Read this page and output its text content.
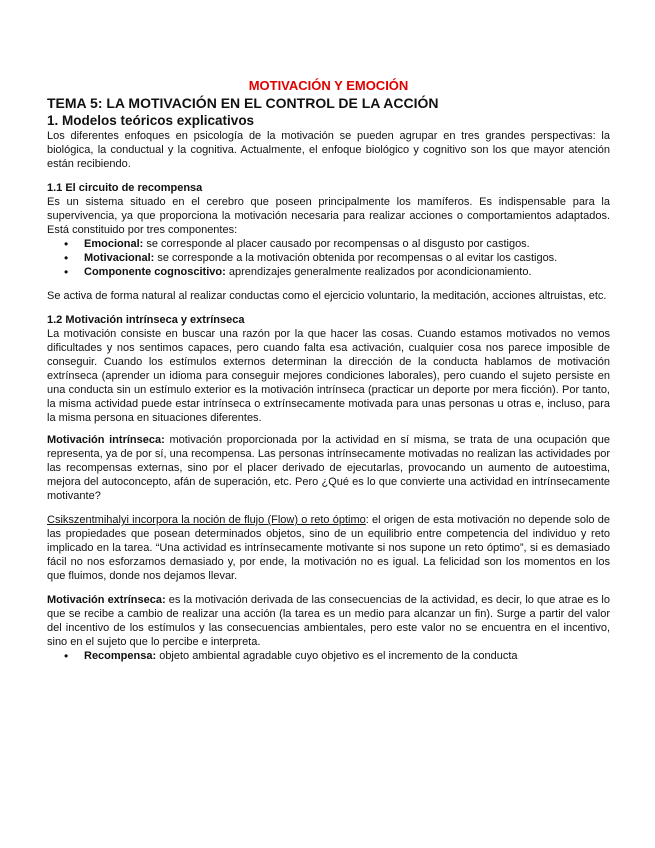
MOTIVACIÓN Y EMOCIÓN
TEMA 5: LA MOTIVACIÓN EN EL CONTROL DE LA ACCIÓN
1. Modelos teóricos explicativos

Los diferentes enfoques en psicología de la motivación se pueden agrupar en tres grandes perspectivas: la biológica, la conductual y la cognitiva. Actualmente, el enfoque biológico y cognitivo son los que mayor atención están recibiendo.

1.1 El circuito de recompensa

Es un sistema situado en el cerebro que poseen principalmente los mamíferos. Es indispensable para la supervivencia, ya que proporciona la motivación necesaria para realizar acciones o comportamientos adaptados. Está constituido por tres componentes:

• Emocional: se corresponde al placer causado por recompensas o al disgusto por castigos.
• Motivacional: se corresponde a la motivación obtenida por recompensas o al evitar los castigos.
• Componente cognoscitivo: aprendizajes generalmente realizados por acondicionamiento.

Se activa de forma natural al realizar conductas como el ejercicio voluntario, la meditación, acciones altruistas, etc.

1.2 Motivación intrínseca y extrínseca

La motivación consiste en buscar una razón por la que hacer las cosas. Cuando estamos motivados no vemos dificultades y nos sentimos capaces, pero cuando falta esa activación, cualquier cosa nos parece imposible de conseguir. Cuando los estímulos externos determinan la dirección de la conducta hablamos de motivación extrínseca (aprender un idioma para conseguir mejores condiciones laborales), pero cuando el sujeto persiste en una conducta sin un estímulo exterior es la motivación intrínseca (practicar un deporte por mera ficción). Por tanto, la misma actividad puede estar intrínseca o extrínsecamente motivada para unas personas u otras e, incluso, para la misma persona en situaciones diferentes.

Motivación intrínseca: motivación proporcionada por la actividad en sí misma, se trata de una ocupación que representa, ya de por sí, una recompensa. Las personas intrínsecamente motivadas no realizan las actividades por las recompensas externas, sino por el placer derivado de ejecutarlas, provocando un aumento de autoestima, mejora del autoconcepto, afán de superación, etc. Pero ¿Qué es lo que convierte una actividad en intrínsecamente motivante?

Csikszentmihalyi incorpora la noción de flujo (Flow) o reto óptimo: el origen de esta motivación no depende solo de las propiedades que posean determinados objetos, sino de un equilibrio entre competencia del individuo y reto implicado en la tarea. “Una actividad es intrínsecamente motivante si nos supone un reto óptimo”, si es demasiado fácil no nos esforzamos demasiado y, por ende, la motivación no es igual. La felicidad son los momentos en los que fluimos, donde nos dejamos llevar.

Motivación extrínseca: es la motivación derivada de las consecuencias de la actividad, es decir, lo que atrae es lo que se recibe a cambio de realizar una acción (la tarea es un medio para alcanzar un fin). Surge a partir del valor del incentivo de los estímulos y las consecuencias ambientales, pero este valor no se encuentra en el incentivo, sino en el sujeto que lo percibe e interpreta.

• Recompensa: objeto ambiental agradable cuyo objetivo es el incremento de la conducta
